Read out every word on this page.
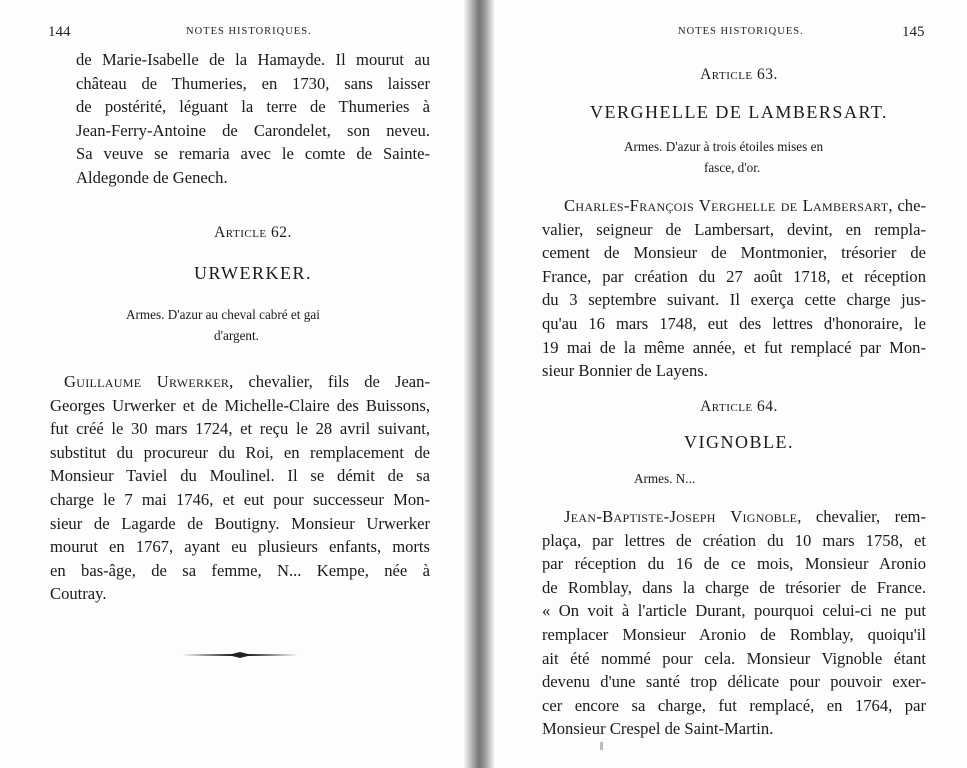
144	NOTES HISTORIQUES.
de Marie-Isabelle de la Hamayde. Il mourut au
château de Thumeries, en 1730, sans laisser
de postérité, léguant la terre de Thumeries à
Jean-Ferry-Antoine de Carondelet, son neveu.
Sa veuve se remaria avec le comte de Sainte-
Aldegonde de Genech.
Article 62.
URWERKER.
Armes. D'azur au cheval cabré et gai
d'argent.
Guillaume Urwerker, chevalier, fils de Jean-
Georges Urwerker et de Michelle-Claire des Buissons,
fut créé le 30 mars 1724, et reçu le 28 avril suivant,
substitut du procureur du Roi, en remplacement de
Monsieur Taviel du Moulinel. Il se démit de sa
charge le 7 mai 1746, et eut pour successeur Mon-
sieur de Lagarde de Boutigny. Monsieur Urwerker
mourut en 1767, ayant eu plusieurs enfants, morts
en bas-âge, de sa femme, N... Kempe, née à
Coutray.
NOTES HISTORIQUES.	145
Article 63.
VERGHELLE DE LAMBERSART.
Armes. D'azur à trois étoiles mises en
fasce, d'or.
Charles-François Verghelle de Lambersart, che-
valier, seigneur de Lambersart, devint, en rempla-
cement de Monsieur de Montmonier, trésorier de
France, par création du 27 août 1718, et réception
du 3 septembre suivant. Il exerça cette charge jus-
qu'au 16 mars 1748, eut des lettres d'honoraire, le
19 mai de la même année, et fut remplacé par Mon-
sieur Bonnier de Layens.
Article 64.
VIGNOBLE.
Armes. N...
Jean-Baptiste-Joseph Vignoble, chevalier, rem-
plaça, par lettres de création du 10 mars 1758, et
par réception du 16 de ce mois, Monsieur Aronio
de Romblay, dans la charge de trésorier de France.
« On voit à l'article Durant, pourquoi celui-ci ne put
remplacer Monsieur Aronio de Romblay, quoiqu'il
ait été nommé pour cela. Monsieur Vignoble étant
devenu d'une santé trop délicate pour pouvoir exer-
cer encore sa charge, fut remplacé, en 1764, par
Monsieur Crespel de Saint-Martin.
